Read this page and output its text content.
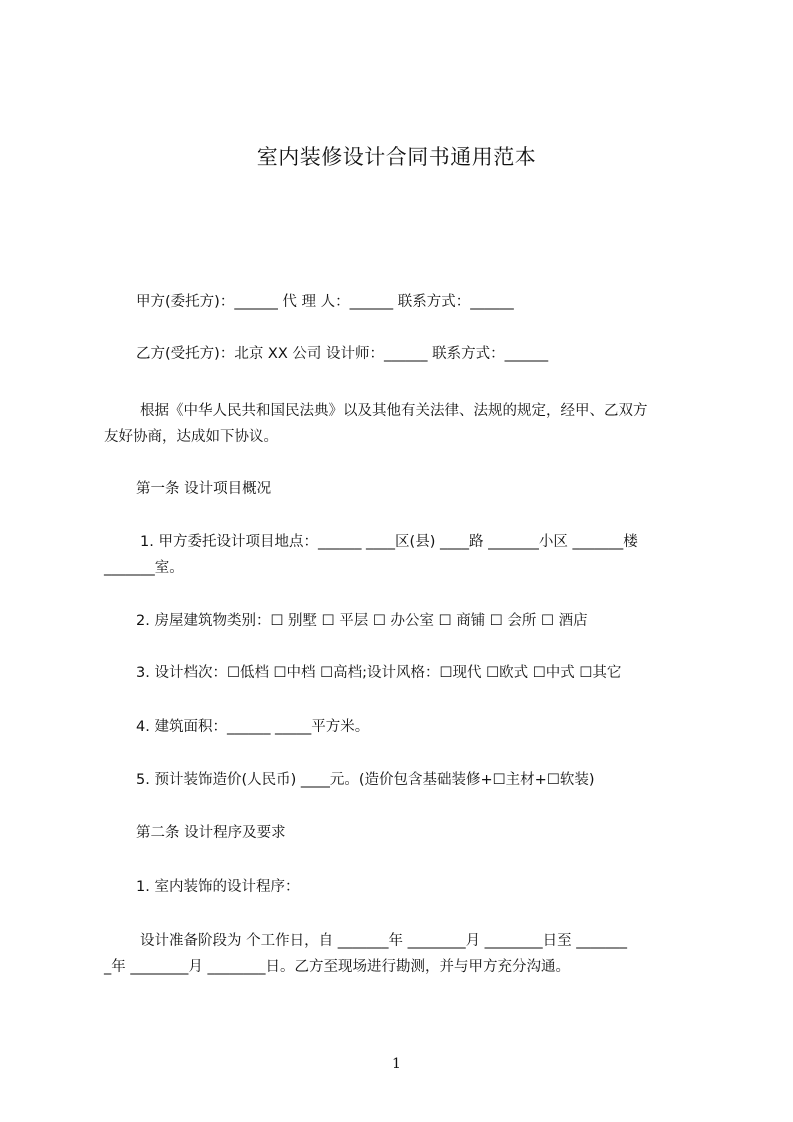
室内装修设计合同书通用范本
甲方(委托方)：______ 代 理 人：______ 联系方式：______
乙方(受托方)：北京 XX 公司 设计师：______ 联系方式：______
根据《中华人民共和国民法典》以及其他有关法律、法规的规定，经甲、乙双方
友好协商，达成如下协议。
第一条 设计项目概况
1. 甲方委托设计项目地点：______ ____区(县) ____路 _______小区 _______楼
_______室。
2. 房屋建筑物类别：☐ 别墅 ☐ 平层 ☐ 办公室 ☐ 商铺 ☐ 会所 ☐ 酒店
3. 设计档次：☐低档 ☐中档 ☐高档;设计风格：☐现代 ☐欧式 ☐中式 ☐其它
4. 建筑面积：______ _____平方米。
5. 预计装饰造价(人民币) ____元。(造价包含基础装修+☐主材+☐软装)
第二条 设计程序及要求
1. 室内装饰的设计程序：
设计准备阶段为 个工作日，自 _______年 ________月 ________日至 _______
_年 ________月 ________日。乙方至现场进行勘测，并与甲方充分沟通。
1
